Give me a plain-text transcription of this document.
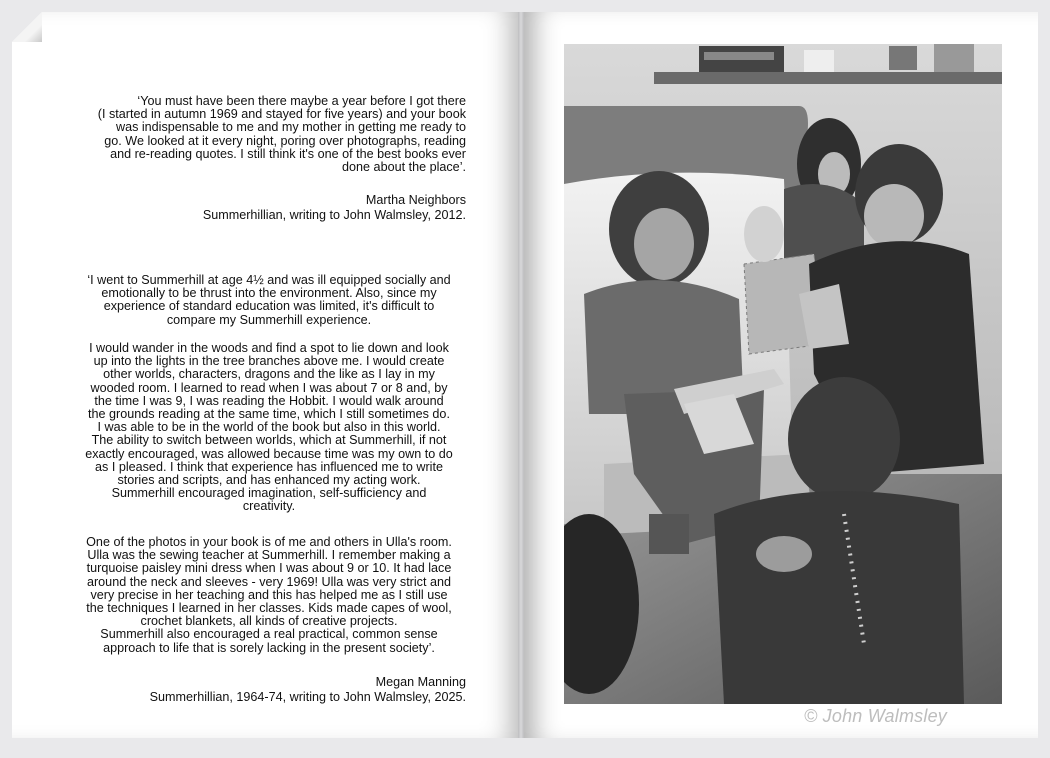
‘You must have been there maybe a year before I got there
(I started in autumn 1969 and stayed for five years) and your book
was indispensable to me and my mother in getting me ready to
go. We looked at it every night, poring over photographs, reading
and re-reading quotes. I still think it's one of the best books ever
done about the place’.
Martha Neighbors
Summerhillian, writing to John Walmsley, 2012.
‘I went to Summerhill at age 4½ and was ill equipped socially and
emotionally to be thrust into the environment. Also, since my
experience of standard education was limited, it's difficult to
compare my Summerhill experience.
I would wander in the woods and find a spot to lie down and look
up into the lights in the tree branches above me. I would create
other worlds, characters, dragons and the like as I lay in my
wooded room. I learned to read when I was about 7 or 8 and, by
the time I was 9, I was reading the Hobbit. I would walk around
the grounds reading at the same time, which I still sometimes do.
I was able to be in the world of the book but also in this world.
The ability to switch between worlds, which at Summerhill, if not
exactly encouraged, was allowed because time was my own to do
as I pleased. I think that experience has influenced me to write
stories and scripts, and has enhanced my acting work.
Summerhill encouraged imagination, self-sufficiency and
creativity.
One of the photos in your book is of me and others in Ulla's room.
Ulla was the sewing teacher at Summerhill. I remember making a
turquoise paisley mini dress when I was about 9 or 10. It had lace
around the neck and sleeves - very 1969! Ulla was very strict and
very precise in her teaching and this has helped me as I still use
the techniques I learned in her classes. Kids made capes of wool,
crochet blankets, all kinds of creative projects.
Summerhill also encouraged a real practical, common sense
approach to life that is sorely lacking in the present society’.
Megan Manning
Summerhillian, 1964-74, writing to John Walmsley, 2025.
© John Walmsley
